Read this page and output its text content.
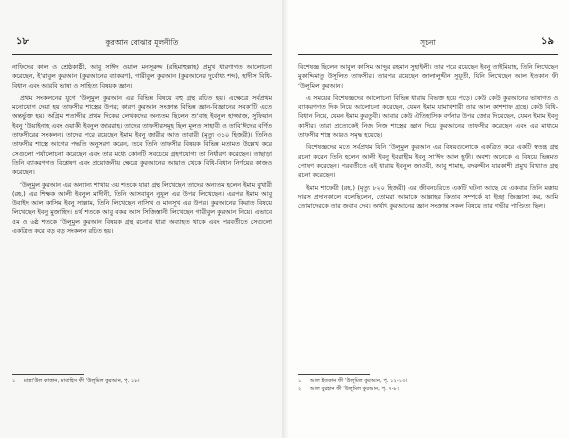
১৮	কুরআন বোঝার মূলনীতি

নাফিদের কাল ও শ্রেষ্ঠকাষ্ঠী, আবু সাঈদ ওয়াল মনসূরুদ্দ (রহিমাহুল্লাহ) প্রমুখ ধারণাগত আলোচনা করেছেন, ই’রাবুল কুরআন (কুরআনের ব্যাকরণ), গারীবুল কুরআন (কুরআনের দুর্বোধ্য শব্দ), হাদীস বিধি-বিধান এবং আরবি ভাষা ও সাহিত্য বিষয়ক জ্ঞান।

প্রথম সংকলনের যুগে ‘উলূমুল কুরআন এর বিভিন্ন বিষয়ে বহু গ্রন্থ রচিত হয়। এক্ষেত্রে সর্বপ্রথম মনোযোগ দেয়া হয় তাফসীর শাস্ত্রের উপর; কারণ কুরআন সংক্রান্ত বিভিন্ন জ্ঞান-বিজ্ঞানের সবক’টি এতে অন্তর্ভুক্ত হয়। অগ্রিম শতাব্দীর প্রথম দিকের লেখকদের অন্যতম ছিলেন শু’বাহ ইবনুল হাজ্জাজ, সুফিয়ান ইবনু ‘উয়াইনাহ এবং ওয়াকী ইবনুল জাররাহ। তাদের তাফসীরসমূহ ছিল মূলত সাহাবী ও তাবি’ঈদের বর্ণিত তাফসীরের সংকলন। তাদের পরে রয়েছেন ইমাম ইবনু জারীর আত তাবারী (মৃত্যু ৩১০ হিজরী)। তিনিও তাফসীর শাস্ত্রে আগের পদ্ধতি অনুসরণ করেন, তবে তিনি তাফসীর বিষয়ক বিভিন্ন মতামত উল্লেখ করে সেগুলো পর্যালোচনা করেছেন এবং তার মধ্যে কোনটি সবচেয়ে গ্রহণযোগ্য তা নির্ধারণ করেছেন। তাছাড়া তিনি ব্যাকরণগত বিশ্লেষণ এবং প্রয়োজনীয় ক্ষেত্রে কুরআনের আয়াত থেকে বিধি-বিধান নির্ণয়ের কাজও করেছেন।

‘উলূমুল কুরআন এর অন্যান্য শাখায় ৩য় শতকে যারা গ্রন্থ লিখেছেন তাদের অন্যতম হলেন ইমাম বুখারী (রহ.) এর শিক্ষক আলী ইবনুল মাদীনী, তিনি আসবাবুন নুযূল এর উপর লিখেছেন। এরপর ইমাম আবু উবাইদ আল কাসিম ইবনু সাল্লাম, তিনি লিখেছেন নাসিখ ও মানসূখ এর উপর। কুরআনের কিরাত বিষয়ে লিখেছেন ইবনু মুজাহিদ। ৪র্থ শতকে আবু বকর আস সিজিস্তানী লিখেছেন গারীবুল কুরআন নিয়ে। এভাবে ৫ম ও ৬ষ্ঠ শতকে ‘উলূমুল কুরআন বিষয়ক গ্রন্থ রচনার ধারা অব্যাহত থাকে এবং পরবর্তীতে সেগুলো একত্রিত করে বড় বড় সংকলন রচিত হয়।

১	মান্না‘উল কাত্তান, মাবাহিস ফী ‘উলূমিল কুরআন, পৃ. ১৮।
সূচনা	১৯

বিশেষজ্ঞ ছিলেন আবুল কাসিম আব্দুর রহমান সুহাইলী। তার পরে রয়েছেন ইবনু তাইমিয়াহ, তিনি লিখেছেন মুকাদ্দিমাতু উসূলিত তাফসীর। তারপর রয়েছেন জালালুদ্দীন সুয়ূতী, যিনি লিখেছেন আল ইতকান ফী ‘উলূমিল কুরআন।

এ সময়ের বিশেষজ্ঞদের আলোচনা বিভিন্ন ধারায় বিভক্ত হয়ে পড়ে। কেউ কেউ কুরআনের ভাষাগত ও ব্যাকরণগত দিক নিয়ে আলোচনা করেছেন, যেমন ইমাম যামাখশারী তার আল কাশশাফ গ্রন্থে। কেউ বিধি-বিধান নিয়ে, যেমন ইমাম কুরতুবী। আবার কেউ ঐতিহাসিক বর্ণনার উপর জোর দিয়েছেন, যেমন ইমাম ইবনু কাসীর। তারা প্রত্যেকেই নিজ নিজ শাস্ত্রের জ্ঞান দিয়ে কুরআনের তাফসীর করেছেন এবং এর মাধ্যমে তাফসীর শাস্ত্র আরও সমৃদ্ধ হয়েছে।

বিশেষজ্ঞদের মতে সর্বপ্রথম যিনি ‘উলূমুল কুরআন এর বিষয়গুলোকে একত্রিত করে একটি স্বতন্ত্র গ্রন্থ রচনা করেন তিনি হলেন আলী ইবনু ইবরাহীম ইবনু সা‘ঈদ আল হূফী। অবশ্য অনেকে এ বিষয়ে ভিন্নমত পোষণ করেছেন। পরবর্তীতে এই ধারায় ইবনুল জাওযী, আবু শামাহ, বদরুদ্দীন যারকাশী প্রমুখ বিখ্যাত গ্রন্থ রচনা করেছেন।

ইমাম শাফেয়ী (রহ.) (মৃত্যু ৮২০ হিজরী) এর জীবনচরিতে একটি ঘটনা আছে যে একবার তিনি মক্কায় দারস প্রদানকালে বলেছিলেন, তোমরা আমাকে আল্লাহর কিতাব সম্পর্কে যা ইচ্ছা জিজ্ঞাসা কর, আমি তোমাদেরকে তার জবাব দেব। অর্থাৎ কুরআনের জ্ঞান সংক্রান্ত সকল বিষয়ে তার গভীর পাণ্ডিত্য ছিল।

১	আল ইতকান ফী ‘উলূমিল কুরআন, পৃ. ১২-১৩।
২	আল বুরহান ফী ‘উলূমিল কুরআন, পৃ. ৭-৮।
